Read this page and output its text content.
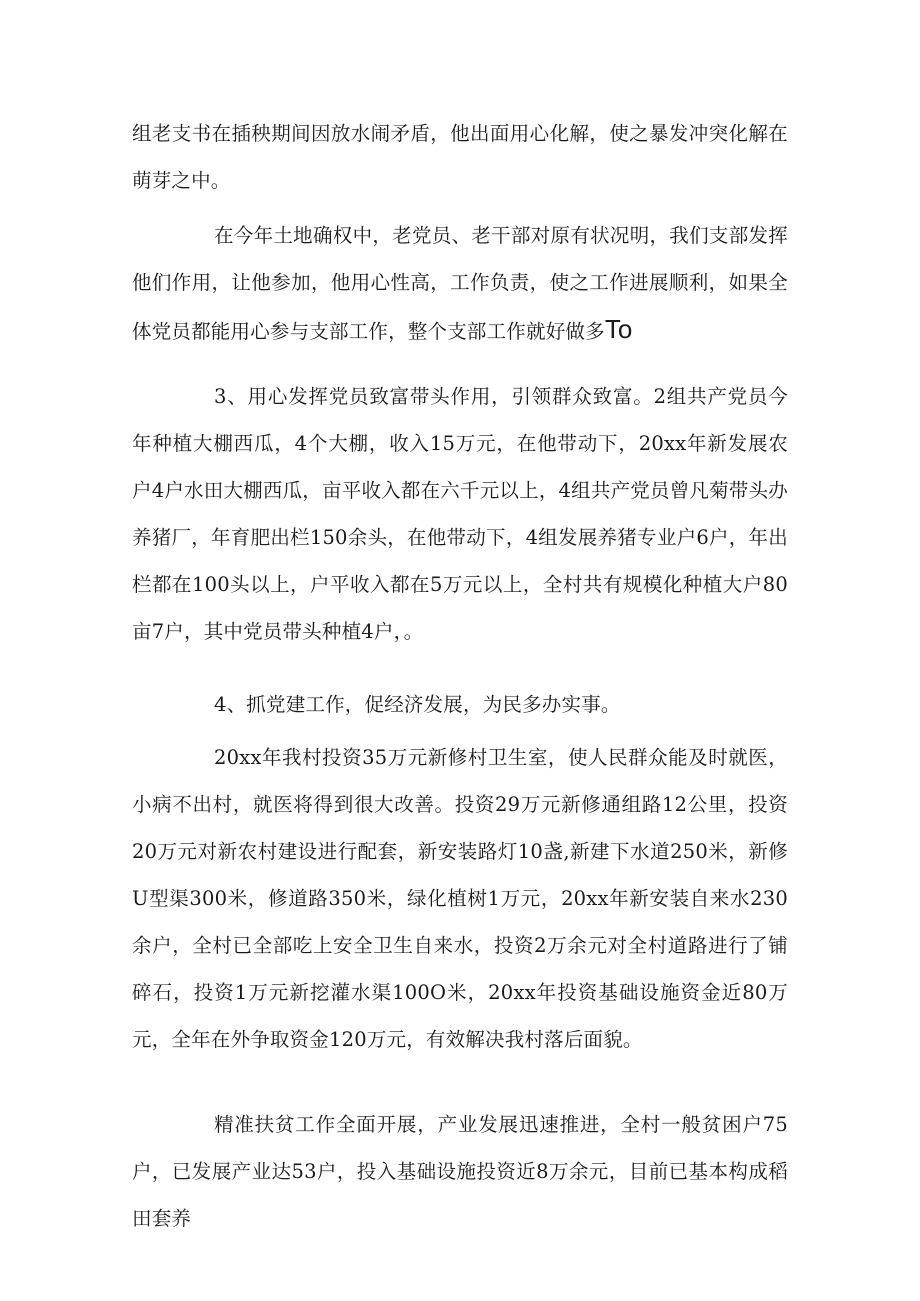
组老支书在插秧期间因放水闹矛盾，他出面用心化解，使之暴发冲突化解在萌芽之中。

在今年土地确权中，老党员、老干部对原有状况明，我们支部发挥他们作用，让他参加，他用心性高，工作负责，使之工作进展顺利，如果全体党员都能用心参与支部工作，整个支部工作就好做多To

3、用心发挥党员致富带头作用，引领群众致富。2组共产党员今年种植大棚西瓜，4个大棚，收入15万元，在他带动下，20xx年新发展农户4户水田大棚西瓜，亩平收入都在六千元以上，4组共产党员曾凡菊带头办养猪厂，年育肥出栏150余头，在他带动下，4组发展养猪专业户6户，年出栏都在100头以上，户平收入都在5万元以上，全村共有规模化种植大户80亩7户，其中党员带头种植4户，。

4、抓党建工作，促经济发展，为民多办实事。

20xx年我村投资35万元新修村卫生室，使人民群众能及时就医，小病不出村，就医将得到很大改善。投资29万元新修通组路12公里，投资20万元对新农村建设进行配套，新安装路灯10盏,新建下水道250米，新修U型渠300米，修道路350米，绿化植树1万元，20xx年新安装自来水230余户，全村已全部吃上安全卫生自来水，投资2万余元对全村道路进行了铺碎石，投资1万元新挖灌水渠100O米，20xx年投资基础设施资金近80万元，全年在外争取资金120万元，有效解决我村落后面貌。

精准扶贫工作全面开展，产业发展迅速推进，全村一般贫困户75户，已发展产业达53户，投入基础设施投资近8万余元，目前已基本构成稻田套养
